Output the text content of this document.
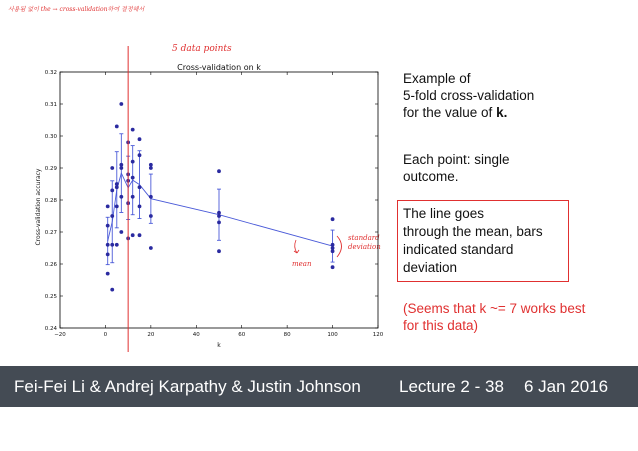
사용됨 없이 the → cross-validation하여 결정해서
5 data points
mean
standard deviation
Cross-validation on k
Cross-validation accuracy
k
−20	0	20	40	60	80	100	120
0.24
0.25
0.26
0.27
0.28
0.29
0.30
0.31
0.32	Example of
5-fold cross-validation
for the value of k.
Each point: single
outcome.
The line goes
through the mean, bars
indicated standard
deviation
(Seems that k ~= 7 works best
for this data)
Fei-Fei Li & Andrej Karpathy & Justin Johnson Lecture 2 - 38 6 Jan 2016
